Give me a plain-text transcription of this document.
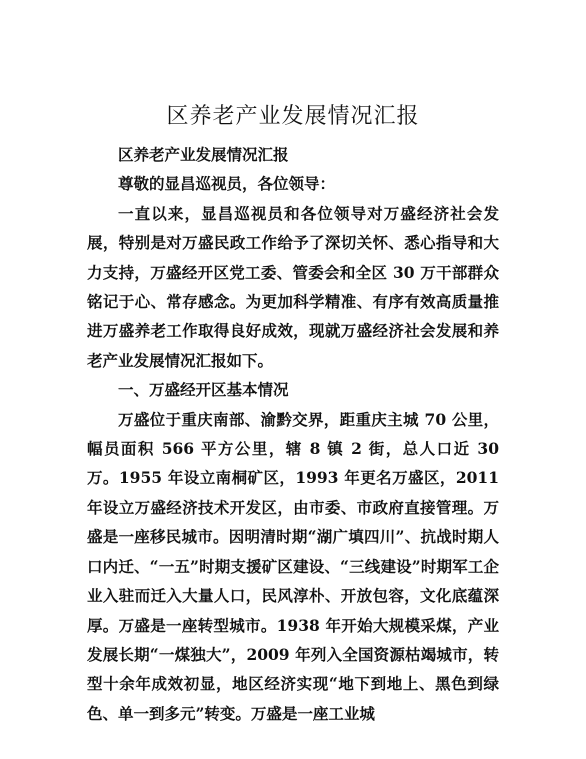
区养老产业发展情况汇报

区养老产业发展情况汇报

尊敬的显昌巡视员，各位领导：

一直以来，显昌巡视员和各位领导对万盛经济社会发展，特别是对万盛民政工作给予了深切关怀、悉心指导和大力支持，万盛经开区党工委、管委会和全区 30 万干部群众铭记于心、常存感念。为更加科学精准、有序有效高质量推进万盛养老工作取得良好成效，现就万盛经济社会发展和养老产业发展情况汇报如下。

一、万盛经开区基本情况

万盛位于重庆南部、渝黔交界，距重庆主城 70 公里，幅员面积 566 平方公里，辖 8 镇 2 街，总人口近 30 万。1955 年设立南桐矿区，1993 年更名万盛区，2011 年设立万盛经济技术开发区，由市委、市政府直接管理。万盛是一座移民城市。因明清时期“湖广填四川”、抗战时期人口内迁、“一五”时期支援矿区建设、“三线建设”时期军工企业入驻而迁入大量人口，民风淳朴、开放包容，文化底蕴深厚。万盛是一座转型城市。1938 年开始大规模采煤，产业发展长期“一煤独大”，2009 年列入全国资源枯竭城市，转型十余年成效初显，地区经济实现“地下到地上、黑色到绿色、单一到多元”转变。万盛是一座工业城
